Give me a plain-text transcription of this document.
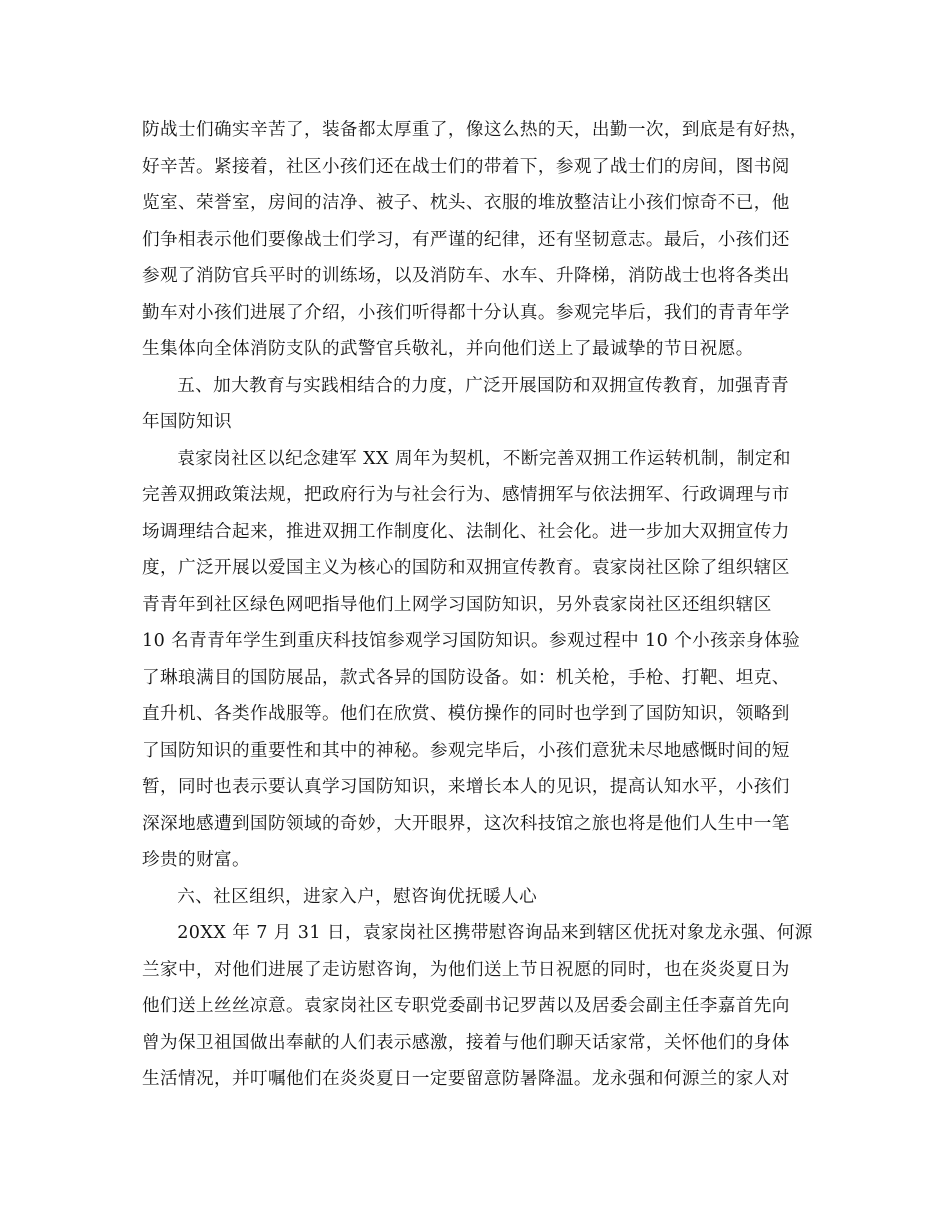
防战士们确实辛苦了，装备都太厚重了，像这么热的天，出勤一次，到底是有好热，

好辛苦。紧接着，社区小孩们还在战士们的带着下，参观了战士们的房间，图书阅

览室、荣誉室，房间的洁净、被子、枕头、衣服的堆放整洁让小孩们惊奇不已，他

们争相表示他们要像战士们学习，有严谨的纪律，还有坚韧意志。最后，小孩们还

参观了消防官兵平时的训练场，以及消防车、水车、升降梯，消防战士也将各类出

勤车对小孩们进展了介绍，小孩们听得都十分认真。参观完毕后，我们的青青年学

生集体向全体消防支队的武警官兵敬礼，并向他们送上了最诚挚的节日祝愿。

五、加大教育与实践相结合的力度，广泛开展国防和双拥宣传教育，加强青青

年国防知识

袁家岗社区以纪念建军 XX 周年为契机，不断完善双拥工作运转机制，制定和

完善双拥政策法规，把政府行为与社会行为、感情拥军与依法拥军、行政调理与市

场调理结合起来，推进双拥工作制度化、法制化、社会化。进一步加大双拥宣传力

度，广泛开展以爱国主义为核心的国防和双拥宣传教育。袁家岗社区除了组织辖区

青青年到社区绿色网吧指导他们上网学习国防知识，另外袁家岗社区还组织辖区

10 名青青年学生到重庆科技馆参观学习国防知识。参观过程中 10 个小孩亲身体验

了琳琅满目的国防展品，款式各异的国防设备。如：机关枪，手枪、打靶、坦克、

直升机、各类作战服等。他们在欣赏、模仿操作的同时也学到了国防知识，领略到

了国防知识的重要性和其中的神秘。参观完毕后，小孩们意犹未尽地感慨时间的短

暂，同时也表示要认真学习国防知识，来增长本人的见识，提高认知水平，小孩们

深深地感遭到国防领域的奇妙，大开眼界，这次科技馆之旅也将是他们人生中一笔

珍贵的财富。

六、社区组织，进家入户，慰咨询优抚暖人心

20XX 年 7 月 31 日，袁家岗社区携带慰咨询品来到辖区优抚对象龙永强、何源

兰家中，对他们进展了走访慰咨询，为他们送上节日祝愿的同时，也在炎炎夏日为

他们送上丝丝凉意。袁家岗社区专职党委副书记罗茜以及居委会副主任李嘉首先向

曾为保卫祖国做出奉献的人们表示感激，接着与他们聊天话家常，关怀他们的身体

生活情况，并叮嘱他们在炎炎夏日一定要留意防暑降温。龙永强和何源兰的家人对
